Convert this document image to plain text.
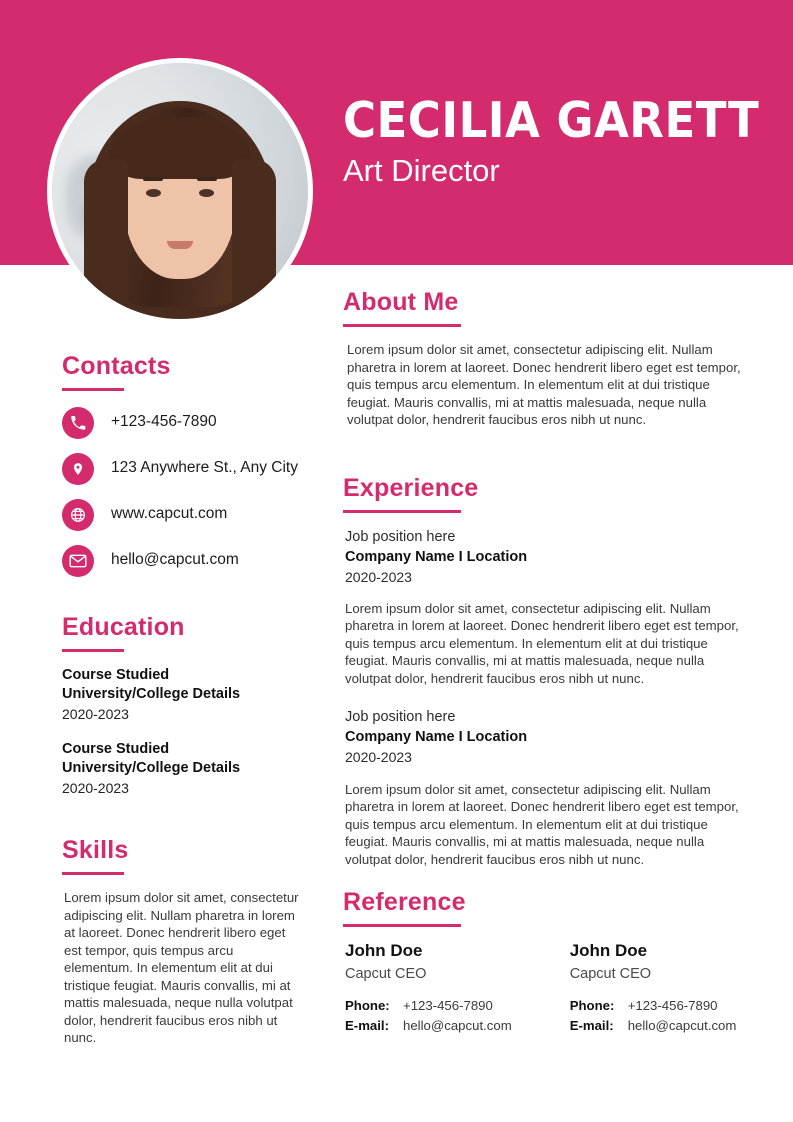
CECILIA GARETT
Art Director
Contacts
+123-456-7890
123 Anywhere St., Any City
www.capcut.com
hello@capcut.com
Education
Course Studied
University/College Details
2020-2023
Course Studied
University/College Details
2020-2023
Skills

Lorem ipsum dolor sit amet, consectetur adipiscing elit. Nullam pharetra in lorem at laoreet. Donec hendrerit libero eget est tempor, quis tempus arcu elementum. In elementum elit at dui tristique feugiat. Mauris convallis, mi at mattis malesuada, neque nulla volutpat dolor, hendrerit faucibus eros nibh ut nunc.

About Me

Lorem ipsum dolor sit amet, consectetur adipiscing elit. Nullam pharetra in lorem at laoreet. Donec hendrerit libero eget est tempor, quis tempus arcu elementum. In elementum elit at dui tristique feugiat. Mauris convallis, mi at mattis malesuada, neque nulla volutpat dolor, hendrerit faucibus eros nibh ut nunc.

Experience
Job position here
Company Name I Location
2020-2023

Lorem ipsum dolor sit amet, consectetur adipiscing elit. Nullam pharetra in lorem at laoreet. Donec hendrerit libero eget est tempor, quis tempus arcu elementum. In elementum elit at dui tristique feugiat. Mauris convallis, mi at mattis malesuada, neque nulla volutpat dolor, hendrerit faucibus eros nibh ut nunc.

Job position here
Company Name I Location
2020-2023

Lorem ipsum dolor sit amet, consectetur adipiscing elit. Nullam pharetra in lorem at laoreet. Donec hendrerit libero eget est tempor, quis tempus arcu elementum. In elementum elit at dui tristique feugiat. Mauris convallis, mi at mattis malesuada, neque nulla volutpat dolor, hendrerit faucibus eros nibh ut nunc.

Reference
John Doe
Capcut CEO
Phone:	+123-456-7890
E-mail:	hello@capcut.com
John Doe
Capcut CEO
Phone:	+123-456-7890
E-mail:	hello@capcut.com
